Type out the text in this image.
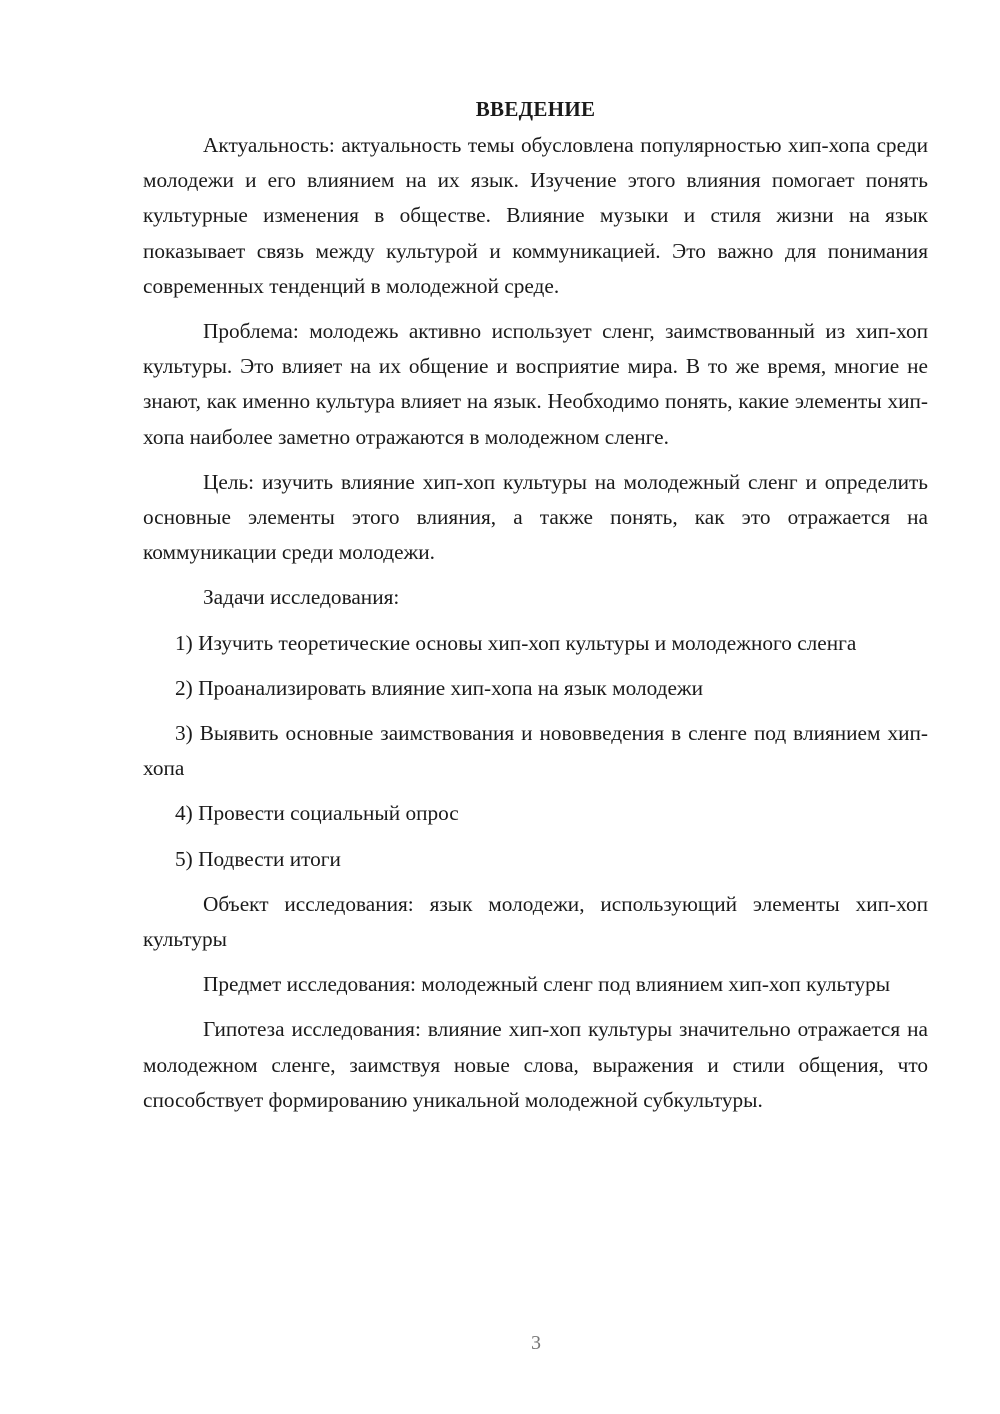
ВВЕДЕНИЕ

Актуальность: актуальность темы обусловлена популярностью хип-хопа среди молодежи и его влиянием на их язык. Изучение этого влияния помогает понять культурные изменения в обществе. Влияние музыки и стиля жизни на язык показывает связь между культурой и коммуникацией. Это важно для понимания современных тенденций в молодежной среде.

Проблема: молодежь активно использует сленг, заимствованный из хип-хоп культуры. Это влияет на их общение и восприятие мира. В то же время, многие не знают, как именно культура влияет на язык. Необходимо понять, какие элементы хип-хопа наиболее заметно отражаются в молодежном сленге.

Цель: изучить влияние хип-хоп культуры на молодежный сленг и определить основные элементы этого влияния, а также понять, как это отражается на коммуникации среди молодежи.

Задачи исследования:

1) Изучить теоретические основы хип-хоп культуры и молодежного сленга

2) Проанализировать влияние хип-хопа на язык молодежи

3) Выявить основные заимствования и нововведения в сленге под влиянием хип-хопа

4) Провести социальный опрос

5) Подвести итоги

Объект исследования: язык молодежи, использующий элементы хип-хоп культуры

Предмет исследования: молодежный сленг под влиянием хип-хоп культуры

Гипотеза исследования: влияние хип-хоп культуры значительно отражается на молодежном сленге, заимствуя новые слова, выражения и стили общения, что способствует формированию уникальной молодежной субкультуры.

3
